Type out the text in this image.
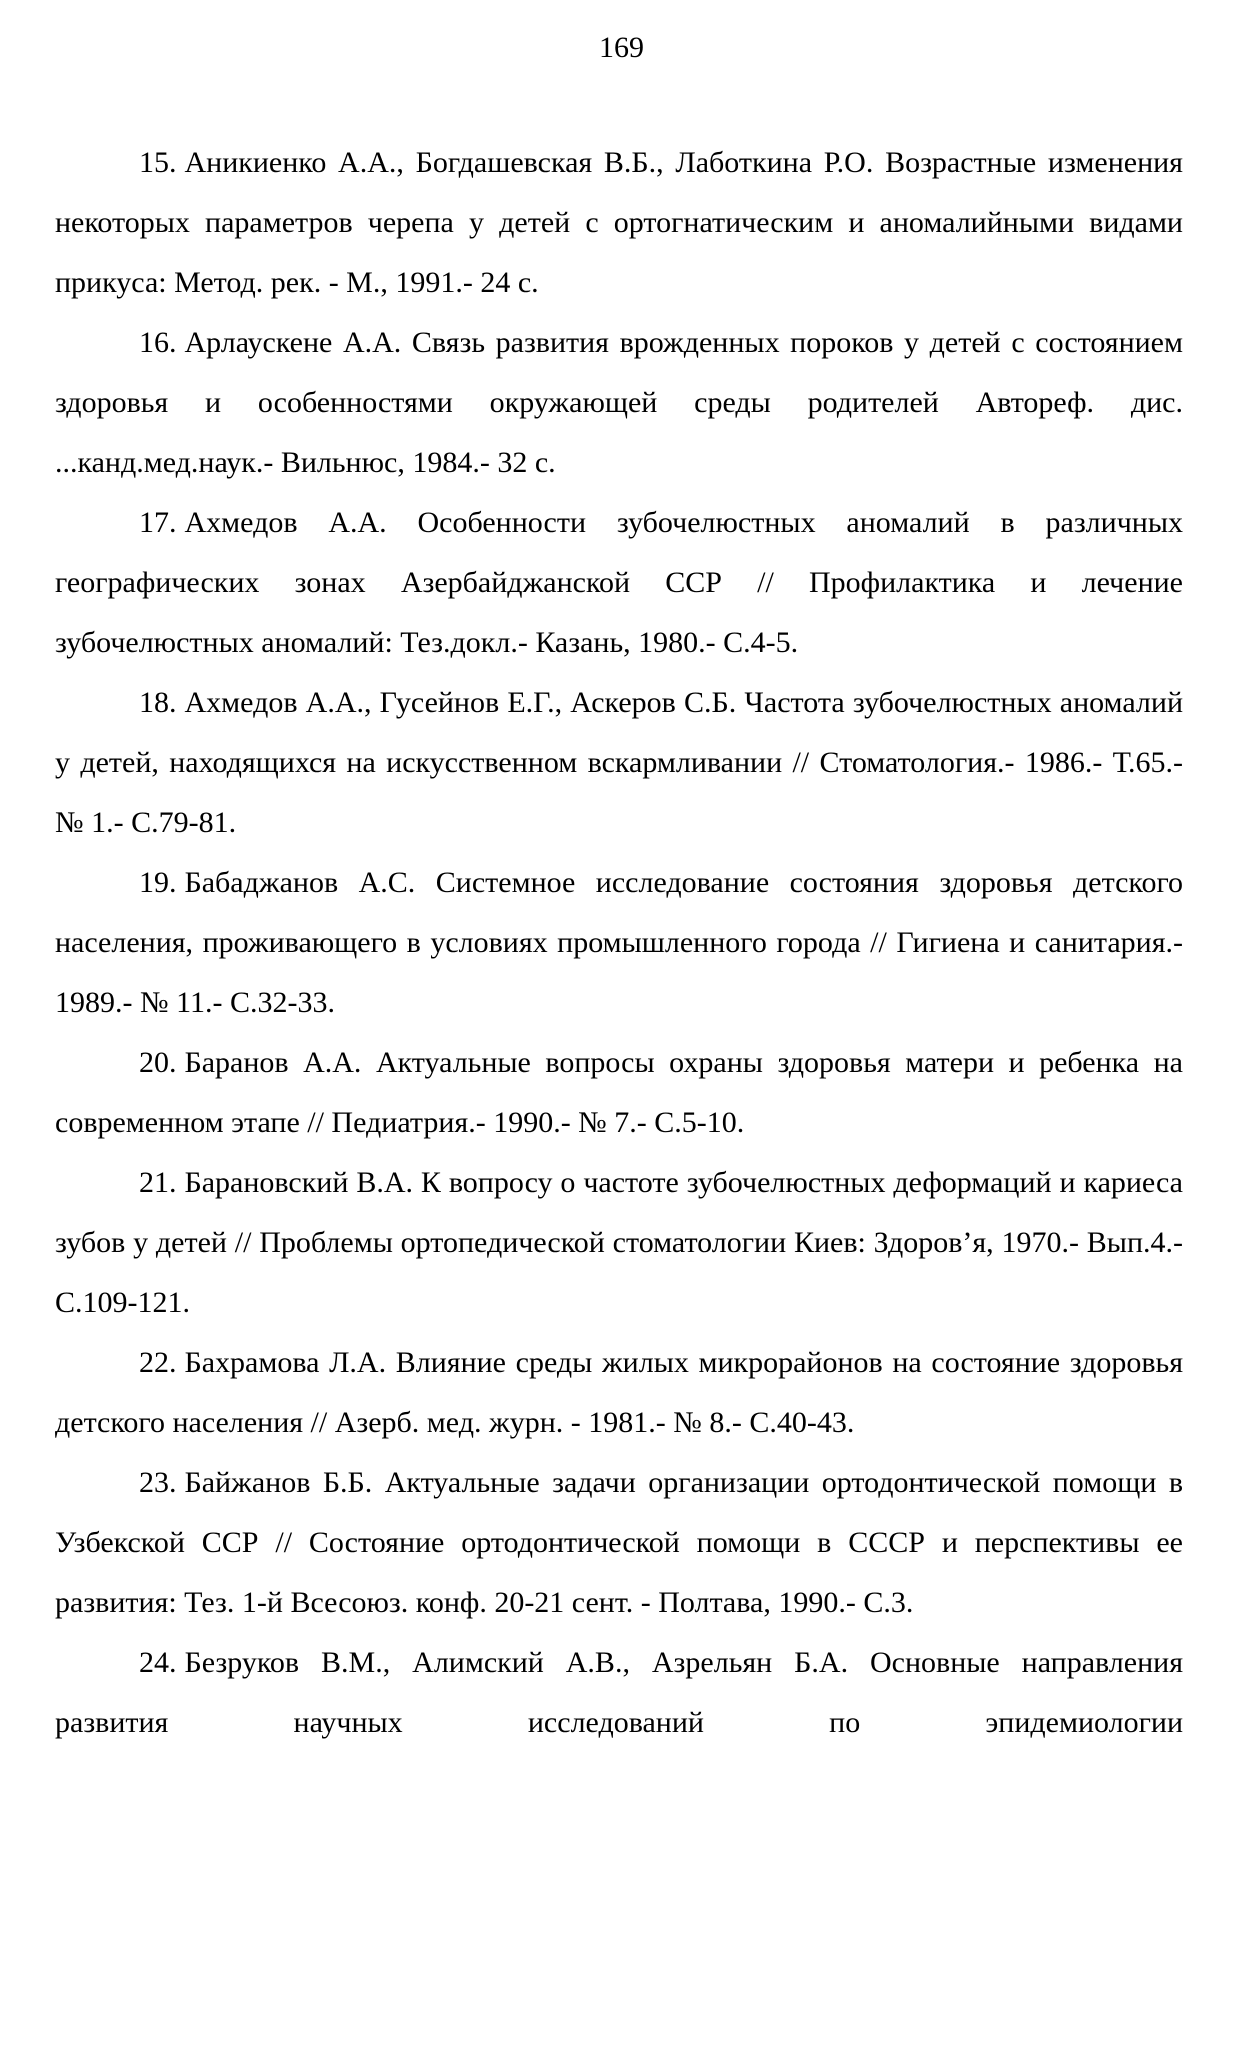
169

15. Аникиенко А.А., Богдашевская В.Б., Лаботкина Р.О. Возрастные изменения некоторых параметров черепа у детей с ортогнатическим и аномалийными видами прикуса: Метод. рек. - М., 1991.- 24 с.

16. Арлаускене А.А. Связь развития врожденных пороков у детей с состоянием здоровья и особенностями окружающей среды родителей Автореф. дис. ...канд.мед.наук.- Вильнюс, 1984.- 32 с.

17. Ахмедов А.А. Особенности зубочелюстных аномалий в различных географических зонах Азербайджанской ССР // Профилактика и лечение зубочелюстных аномалий: Тез.докл.- Казань, 1980.- С.4-5.

18. Ахмедов А.А., Гусейнов Е.Г., Аскеров С.Б. Частота зубочелюстных аномалий у детей, находящихся на искусственном вскармливании // Стоматология.- 1986.- Т.65.- № 1.- С.79-81.

19. Бабаджанов А.С. Системное исследование состояния здоровья детского населения, проживающего в условиях промышленного города // Гигиена и санитария.- 1989.- № 11.- С.32-33.

20. Баранов А.А. Актуальные вопросы охраны здоровья матери и ребенка на современном этапе // Педиатрия.- 1990.- № 7.- С.5-10.

21. Барановский В.А. К вопросу о частоте зубочелюстных деформаций и кариеса зубов у детей // Проблемы ортопедической стоматологии Киев: Здоров’я, 1970.- Вып.4.- С.109-121.

22. Бахрамова Л.А. Влияние среды жилых микрорайонов на состояние здоровья детского населения // Азерб. мед. журн. - 1981.- № 8.- С.40-43.

23. Байжанов Б.Б. Актуальные задачи организации ортодонтической помощи в Узбекской ССР // Состояние ортодонтической помощи в СССР и перспективы ее развития: Тез. 1-й Всесоюз. конф. 20-21 сент. - Полтава, 1990.- С.3.

24. Безруков В.М., Алимский А.В., Азрельян Б.А. Основные направления развития научных исследований по эпидемиологии
